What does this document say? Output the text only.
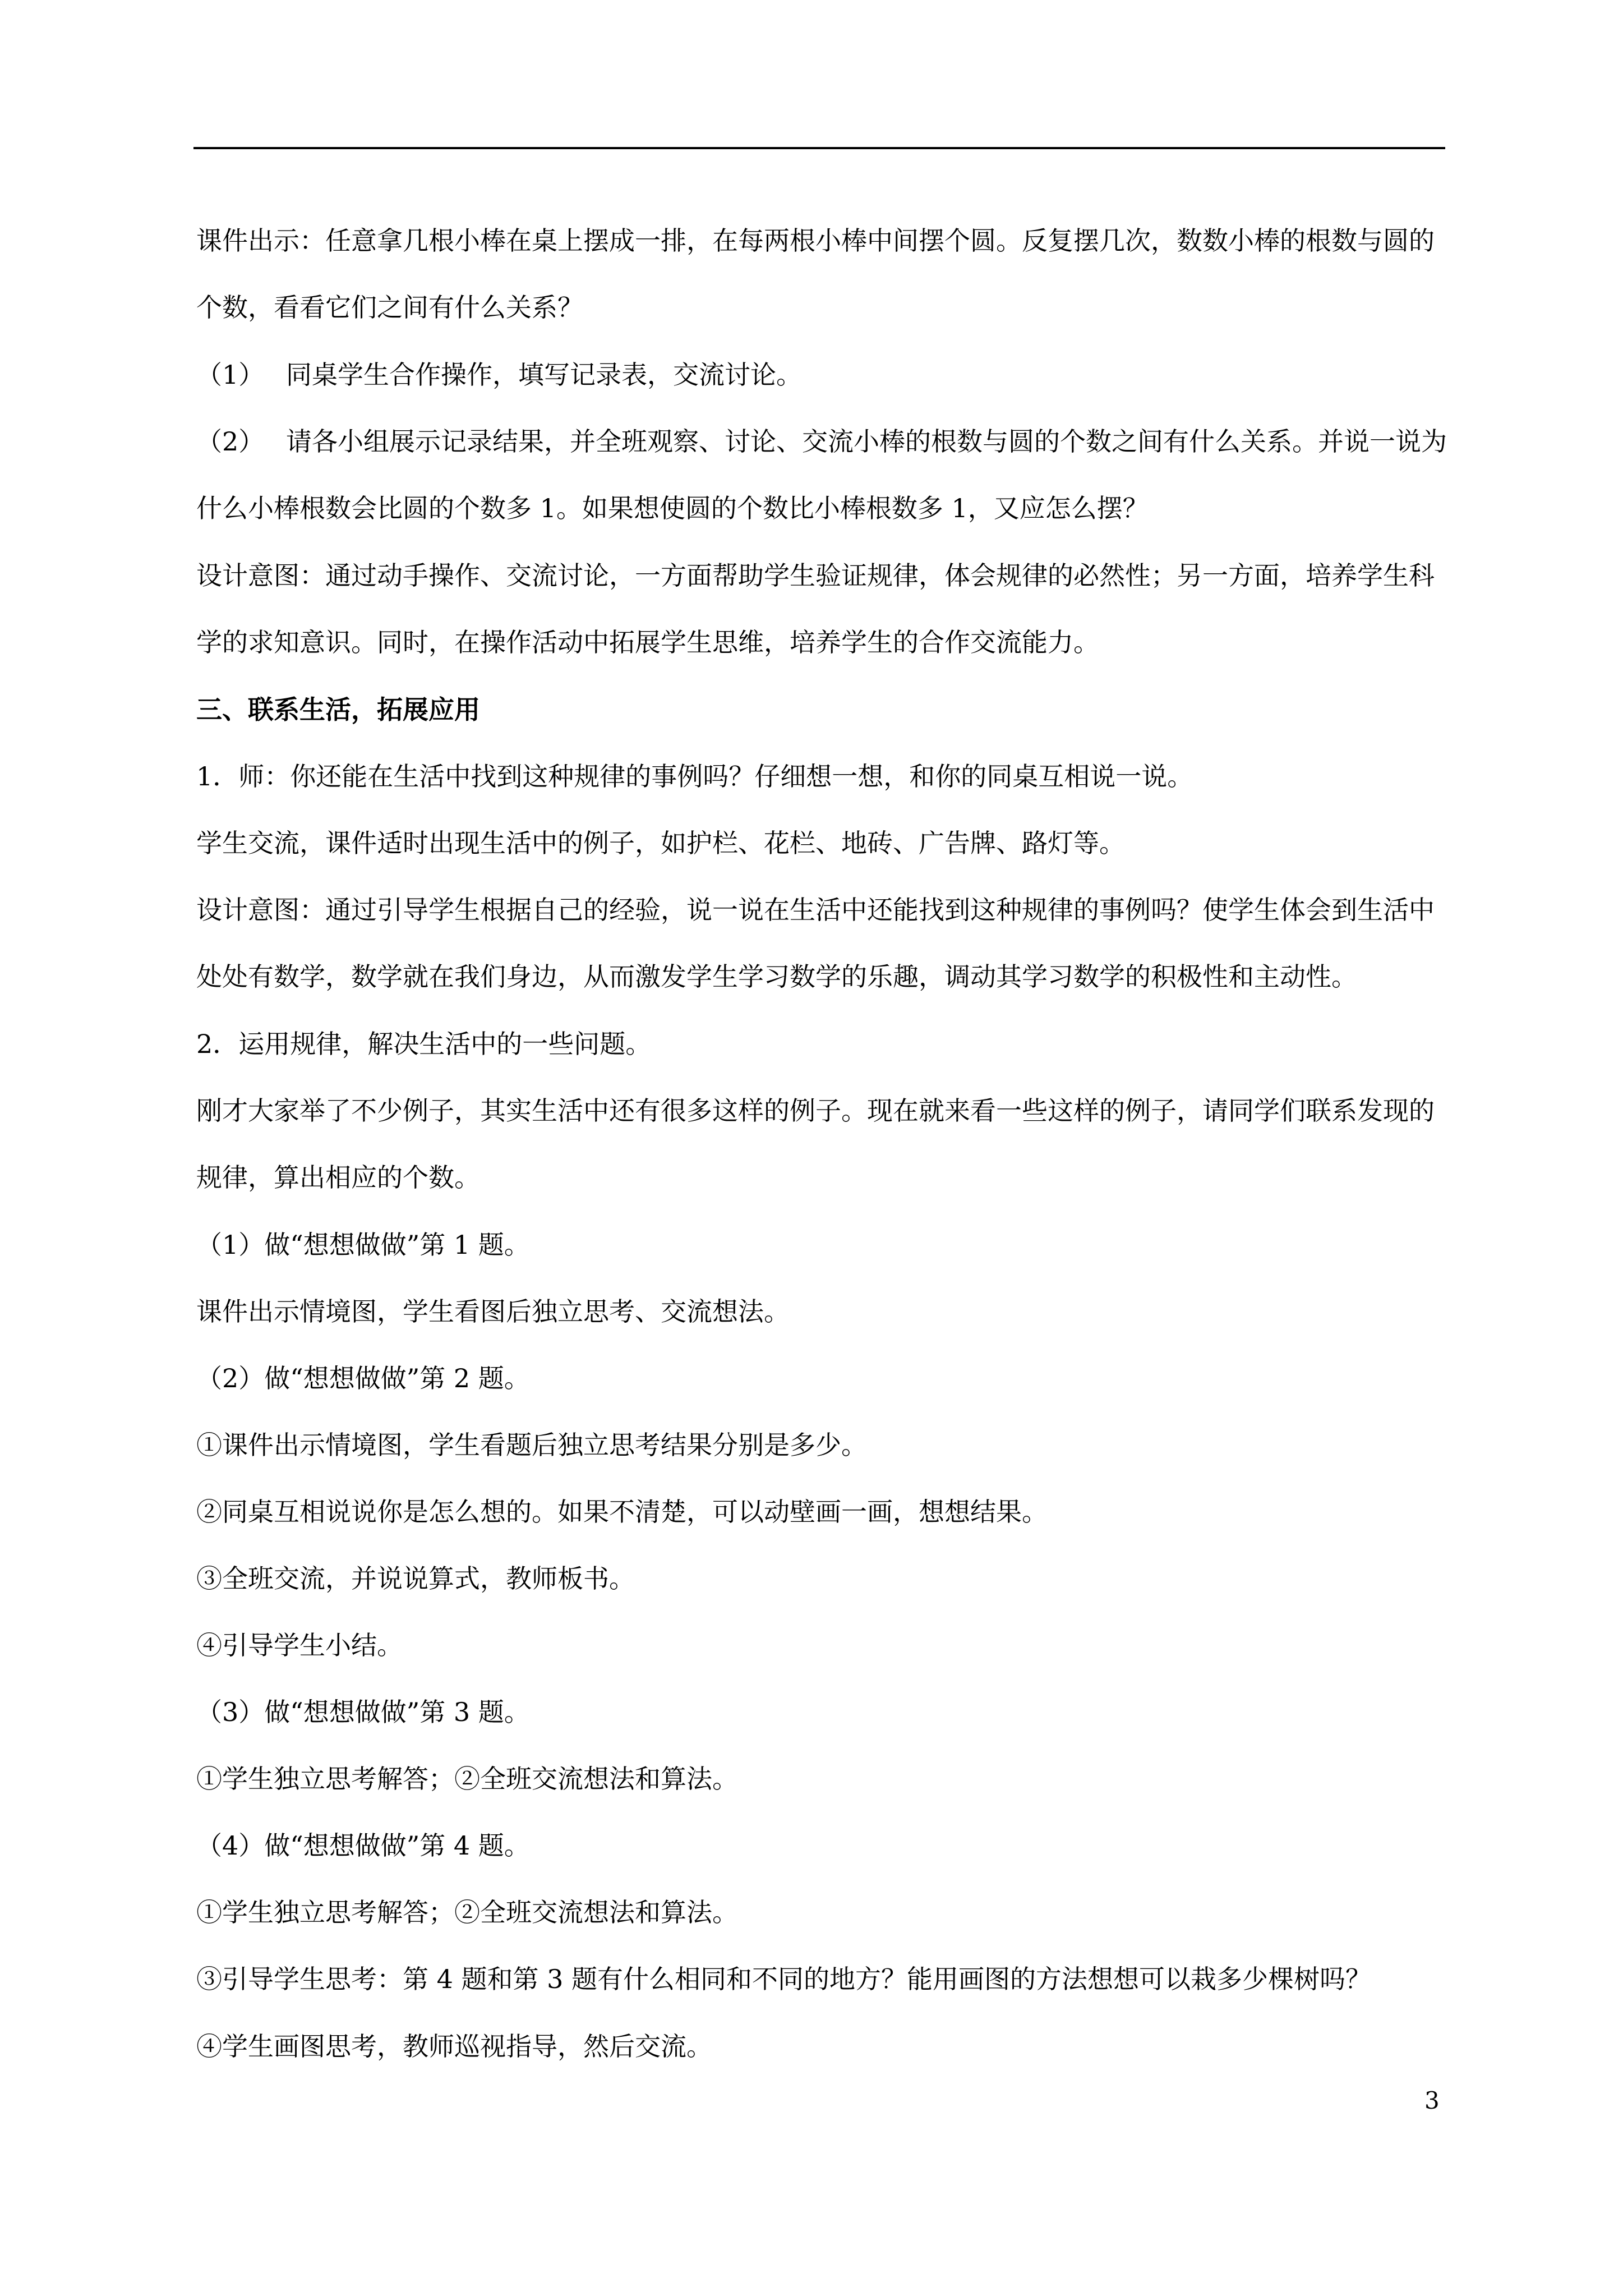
课件出示：任意拿几根小棒在桌上摆成一排，在每两根小棒中间摆个圆。反复摆几次，数数小棒的根数与圆的个数，看看它们之间有什么关系？

（1） 同桌学生合作操作，填写记录表，交流讨论。

（2） 请各小组展示记录结果，并全班观察、讨论、交流小棒的根数与圆的个数之间有什么关系。并说一说为什么小棒根数会比圆的个数多 1。如果想使圆的个数比小棒根数多 1，又应怎么摆？

设计意图：通过动手操作、交流讨论，一方面帮助学生验证规律，体会规律的必然性；另一方面，培养学生科学的求知意识。同时，在操作活动中拓展学生思维，培养学生的合作交流能力。

三、联系生活，拓展应用

1．师：你还能在生活中找到这种规律的事例吗？仔细想一想，和你的同桌互相说一说。

学生交流，课件适时出现生活中的例子，如护栏、花栏、地砖、广告牌、路灯等。

设计意图：通过引导学生根据自己的经验，说一说在生活中还能找到这种规律的事例吗？使学生体会到生活中处处有数学，数学就在我们身边，从而激发学生学习数学的乐趣，调动其学习数学的积极性和主动性。

2．运用规律，解决生活中的一些问题。

刚才大家举了不少例子，其实生活中还有很多这样的例子。现在就来看一些这样的例子，请同学们联系发现的规律，算出相应的个数。

（1）做“想想做做”第 1 题。

课件出示情境图，学生看图后独立思考、交流想法。

（2）做“想想做做”第 2 题。

①课件出示情境图，学生看题后独立思考结果分别是多少。

②同桌互相说说你是怎么想的。如果不清楚，可以动壁画一画，想想结果。

③全班交流，并说说算式，教师板书。

④引导学生小结。

（3）做“想想做做”第 3 题。

①学生独立思考解答；②全班交流想法和算法。

（4）做“想想做做”第 4 题。

①学生独立思考解答；②全班交流想法和算法。

③引导学生思考：第 4 题和第 3 题有什么相同和不同的地方？能用画图的方法想想可以栽多少棵树吗？

④学生画图思考，教师巡视指导，然后交流。

3
